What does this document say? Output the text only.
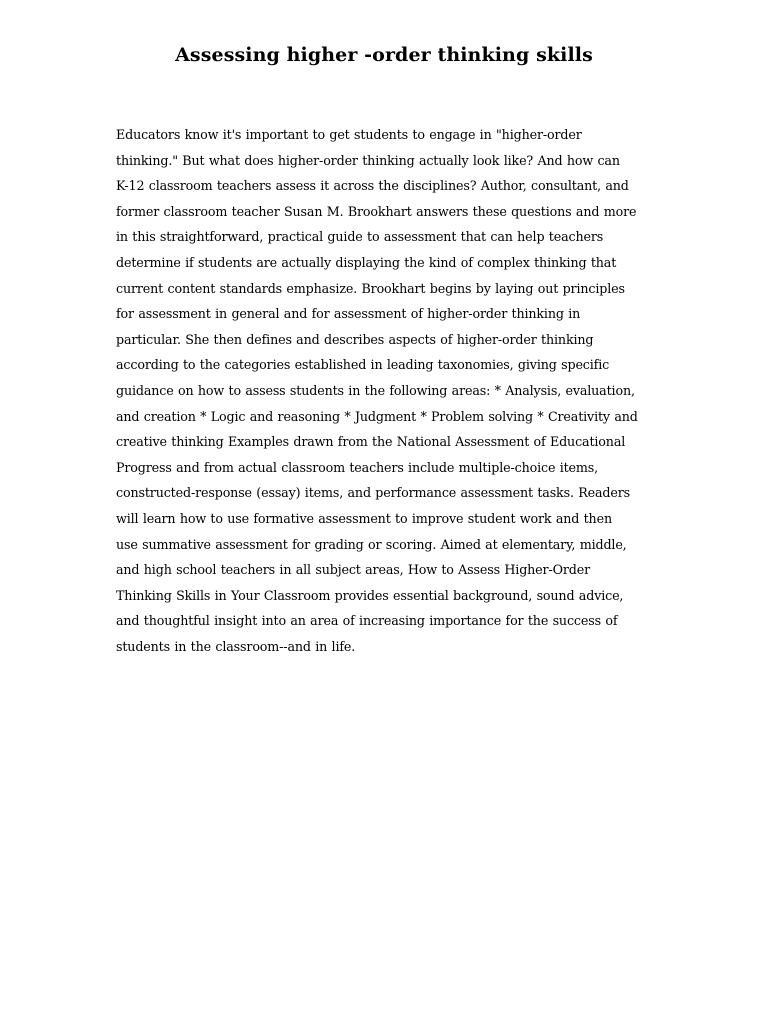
Assessing higher -order thinking skills
Educators know it's important to get students to engage in "higher-order
thinking." But what does higher-order thinking actually look like? And how can
K-12 classroom teachers assess it across the disciplines? Author, consultant, and
former classroom teacher Susan M. Brookhart answers these questions and more
in this straightforward, practical guide to assessment that can help teachers
determine if students are actually displaying the kind of complex thinking that
current content standards emphasize. Brookhart begins by laying out principles
for assessment in general and for assessment of higher-order thinking in
particular. She then defines and describes aspects of higher-order thinking
according to the categories established in leading taxonomies, giving specific
guidance on how to assess students in the following areas: * Analysis, evaluation,
and creation * Logic and reasoning * Judgment * Problem solving * Creativity and
creative thinking Examples drawn from the National Assessment of Educational
Progress and from actual classroom teachers include multiple-choice items,
constructed-response (essay) items, and performance assessment tasks. Readers
will learn how to use formative assessment to improve student work and then
use summative assessment for grading or scoring. Aimed at elementary, middle,
and high school teachers in all subject areas, How to Assess Higher-Order
Thinking Skills in Your Classroom provides essential background, sound advice,
and thoughtful insight into an area of increasing importance for the success of
students in the classroom--and in life.
